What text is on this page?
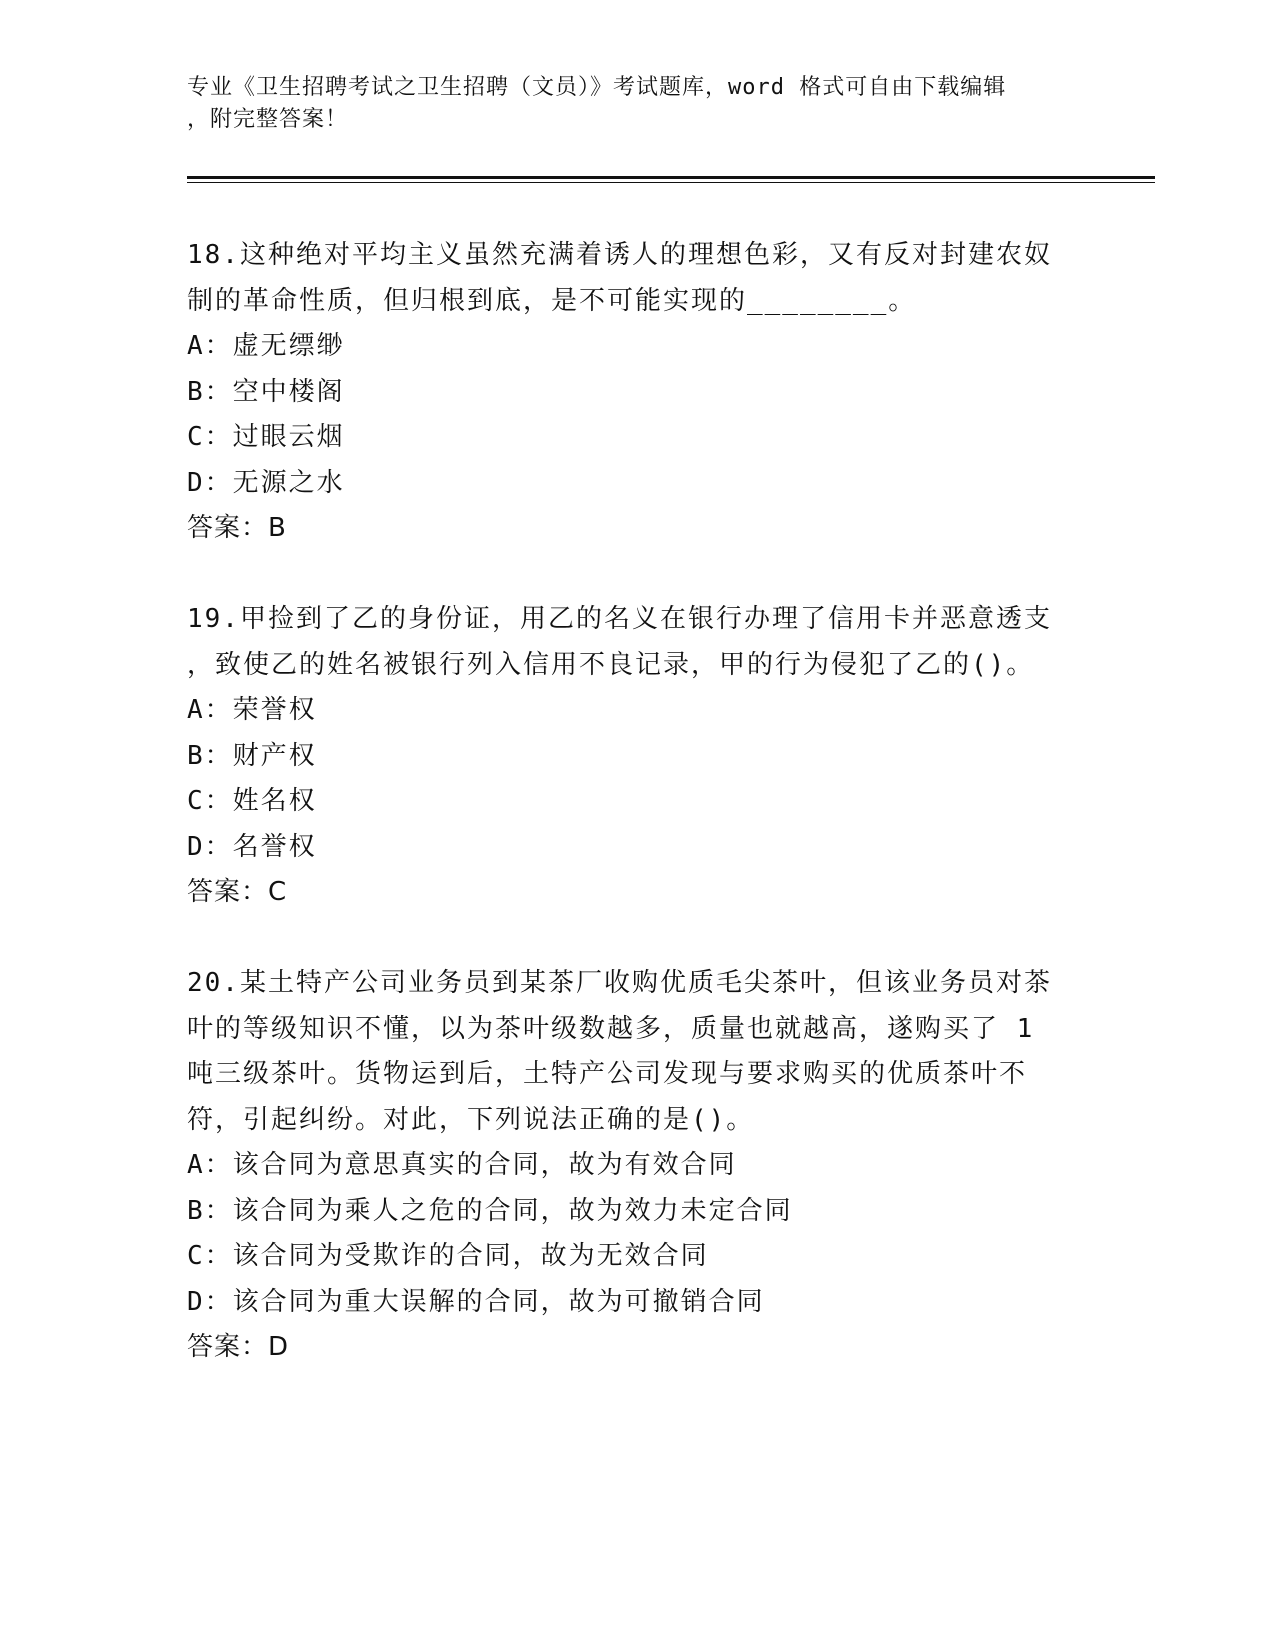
专业《卫生招聘考试之卫生招聘（文员）》考试题库，word 格式可自由下载编辑
，附完整答案！
18.这种绝对平均主义虽然充满着诱人的理想色彩，又有反对封建农奴
制的革命性质，但归根到底，是不可能实现的________。
A：虚无缥缈
B：空中楼阁
C：过眼云烟
D：无源之水
答案：B
19.甲捡到了乙的身份证，用乙的名义在银行办理了信用卡并恶意透支
，致使乙的姓名被银行列入信用不良记录，甲的行为侵犯了乙的()。
A：荣誉权
B：财产权
C：姓名权
D：名誉权
答案：C
20.某土特产公司业务员到某茶厂收购优质毛尖茶叶，但该业务员对茶
叶的等级知识不懂，以为茶叶级数越多，质量也就越高，遂购买了 1
吨三级茶叶。货物运到后，土特产公司发现与要求购买的优质茶叶不
符，引起纠纷。对此，下列说法正确的是()。
A：该合同为意思真实的合同，故为有效合同
B：该合同为乘人之危的合同，故为效力未定合同
C：该合同为受欺诈的合同，故为无效合同
D：该合同为重大误解的合同，故为可撤销合同
答案：D
